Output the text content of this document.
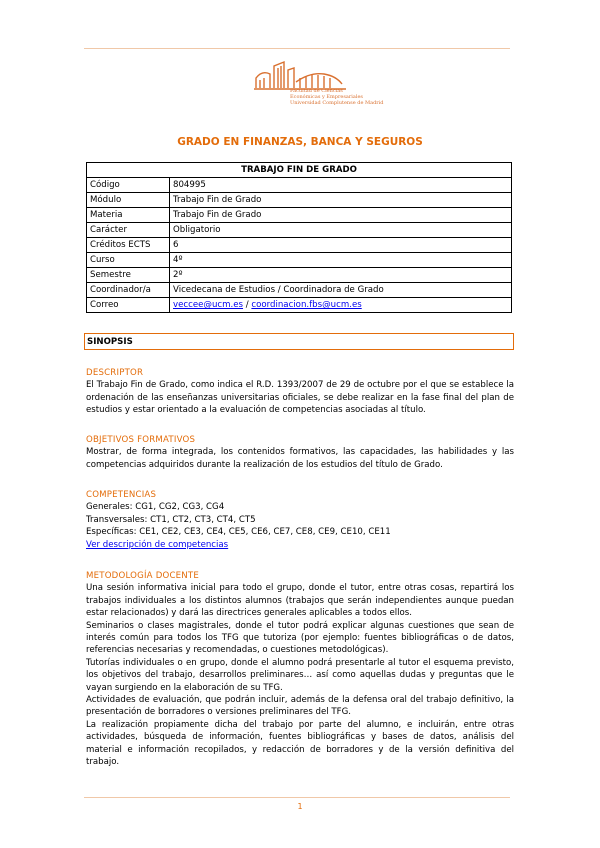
Facultad de Ciencias
Económicas y Empresariales
Universidad Complutense de Madrid
GRADO EN FINANZAS, BANCA Y SEGUROS
TRABAJO FIN DE GRADO	
Código	804995
Módulo	Trabajo Fin de Grado
Materia	Trabajo Fin de Grado
Carácter	Obligatorio
Créditos ECTS	6
Curso	4º
Semestre	2º
Coordinador/a	Vicedecana de Estudios / Coordinadora de Grado
Correo	veccee@ucm.es / coordinacion.fbs@ucm.es
SINOPSIS
DESCRIPTOR
El Trabajo Fin de Grado, como indica el R.D. 1393/2007 de 29 de octubre por el que se establece la ordenación de las enseñanzas universitarias oficiales, se debe realizar en la fase final del plan de estudios y estar orientado a la evaluación de competencias asociadas al título.
OBJETIVOS FORMATIVOS
Mostrar, de forma integrada, los contenidos formativos, las capacidades, las habilidades y las competencias adquiridos durante la realización de los estudios del título de Grado.
COMPETENCIAS
Generales: CG1, CG2, CG3, CG4
Transversales: CT1, CT2, CT3, CT4, CT5
Específicas: CE1, CE2, CE3, CE4, CE5, CE6, CE7, CE8, CE9, CE10, CE11
Ver descripción de competencias
METODOLOGÍA DOCENTE
Una sesión informativa inicial para todo el grupo, donde el tutor, entre otras cosas, repartirá los trabajos individuales a los distintos alumnos (trabajos que serán independientes aunque puedan estar relacionados) y dará las directrices generales aplicables a todos ellos.
Seminarios o clases magistrales, donde el tutor podrá explicar algunas cuestiones que sean de interés común para todos los TFG que tutoriza (por ejemplo: fuentes bibliográficas o de datos, referencias necesarias y recomendadas, o cuestiones metodológicas).
Tutorías individuales o en grupo, donde el alumno podrá presentarle al tutor el esquema previsto, los objetivos del trabajo, desarrollos preliminares… así como aquellas dudas y preguntas que le vayan surgiendo en la elaboración de su TFG.
Actividades de evaluación, que podrán incluir, además de la defensa oral del trabajo definitivo, la presentación de borradores o versiones preliminares del TFG.
La realización propiamente dicha del trabajo por parte del alumno, e incluirán, entre otras actividades, búsqueda de información, fuentes bibliográficas y bases de datos, análisis del material e información recopilados, y redacción de borradores y de la versión definitiva del trabajo.
1
